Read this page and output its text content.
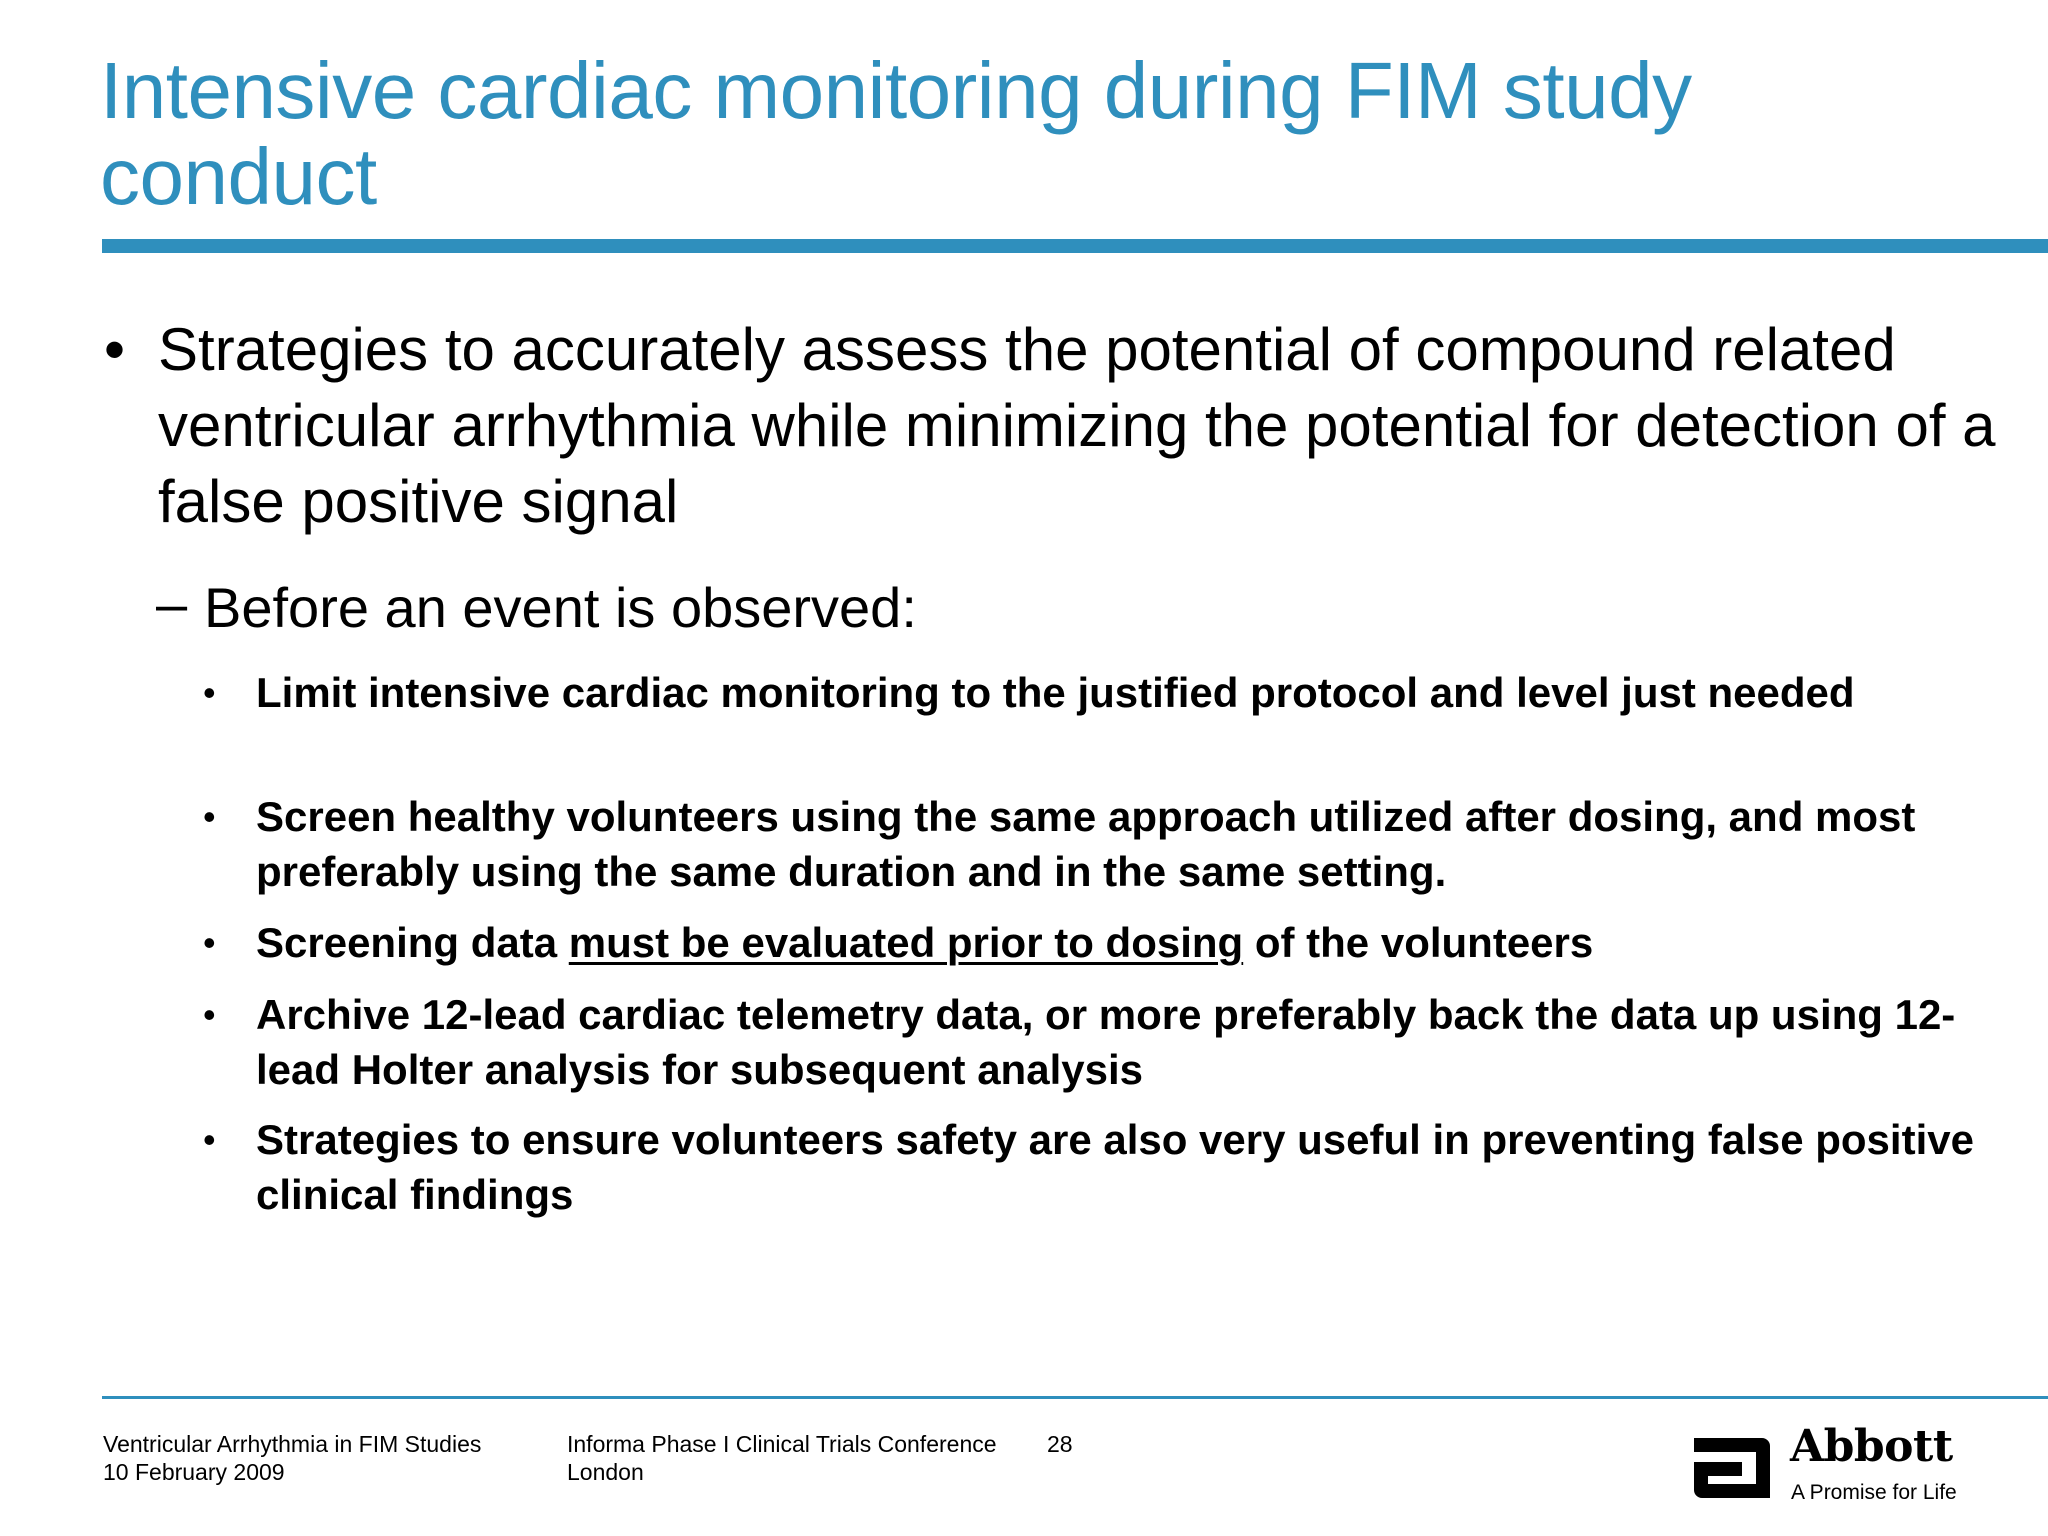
Intensive cardiac monitoring during FIM study conduct
• Strategies to accurately assess the potential of compound related ventricular arrhythmia while minimizing the potential for detection of a false positive signal
– Before an event is observed:
• Limit intensive cardiac monitoring to the justified protocol and level just needed
• Screen healthy volunteers using the same approach utilized after dosing, and most preferably using the same duration and in the same setting.
• Screening data must be evaluated prior to dosing of the volunteers
• Archive 12-lead cardiac telemetry data, or more preferably back the data up using 12-lead Holter analysis for subsequent analysis
• Strategies to ensure volunteers safety are also very useful in preventing false positive clinical findings
Ventricular Arrhythmia in FIM Studies
10 February 2009
Informa Phase I Clinical Trials Conference
London
28	Abbott
A Promise for Life
